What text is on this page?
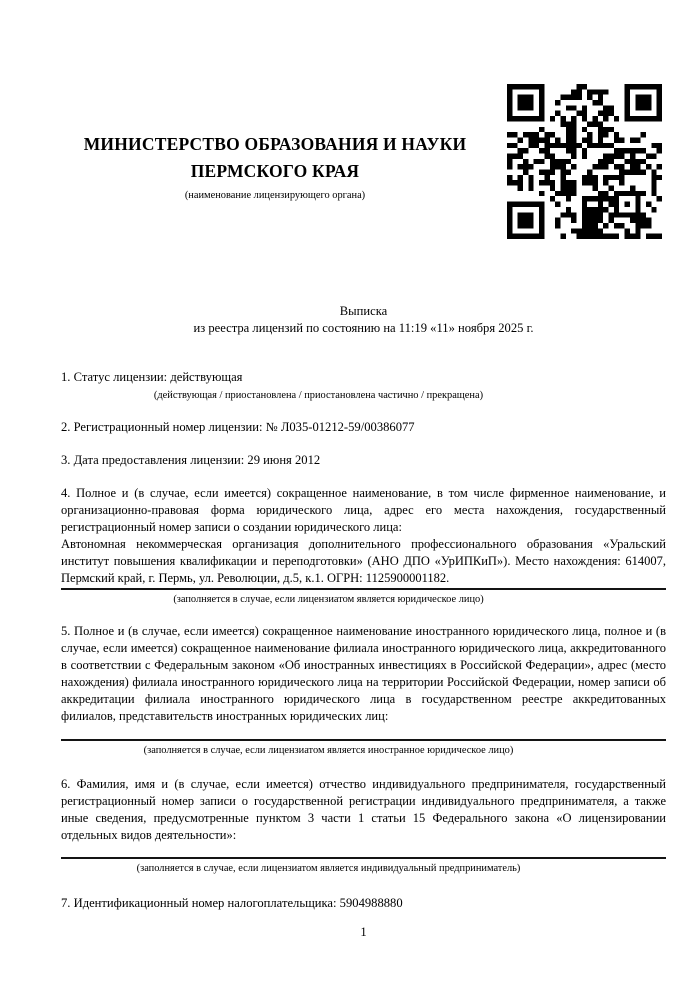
МИНИСТЕРСТВО ОБРАЗОВАНИЯ И НАУКИ
ПЕРМСКОГО КРАЯ
(наименование лицензирующего органа)
Выписка
из реестра лицензий по состоянию на 11:19 «11» ноября 2025 г.
1. Статус лицензии: действующая
(действующая / приостановлена / приостановлена частично / прекращена)
2. Регистрационный номер лицензии: № Л035-01212-59/00386077
3. Дата предоставления лицензии: 29 июня 2012

4. Полное и (в случае, если имеется) сокращенное наименование, в том числе фирменное наименование, и организационно-правовая форма юридического лица, адрес его места нахождения, государственный регистрационный номер записи о создании юридического лица:

Автономная некоммерческая организация дополнительного профессионального образования «Уральский институт повышения квалификации и переподготовки» (АНО ДПО «УрИПКиП»). Место нахождения: 614007, Пермский край, г. Пермь, ул. Революции, д.5, к.1. ОГРН: 1125900001182.

(заполняется в случае, если лицензиатом является юридическое лицо)

5. Полное и (в случае, если имеется) сокращенное наименование иностранного юридического лица, полное и (в случае, если имеется) сокращенное наименование филиала иностранного юридического лица, аккредитованного в соответствии с Федеральным законом «Об иностранных инвестициях в Российской Федерации», адрес (место нахождения) филиала иностранного юридического лица на территории Российской Федерации, номер записи об аккредитации филиала иностранного юридического лица в государственном реестре аккредитованных филиалов, представительств иностранных юридических лиц:

(заполняется в случае, если лицензиатом является иностранное юридическое лицо)

6. Фамилия, имя и (в случае, если имеется) отчество индивидуального предпринимателя, государственный регистрационный номер записи о государственной регистрации индивидуального предпринимателя, а также иные сведения, предусмотренные пунктом 3 части 1 статьи 15 Федерального закона «О лицензировании отдельных видов деятельности»:

(заполняется в случае, если лицензиатом является индивидуальный предприниматель)
7. Идентификационный номер налогоплательщика: 5904988880
1
